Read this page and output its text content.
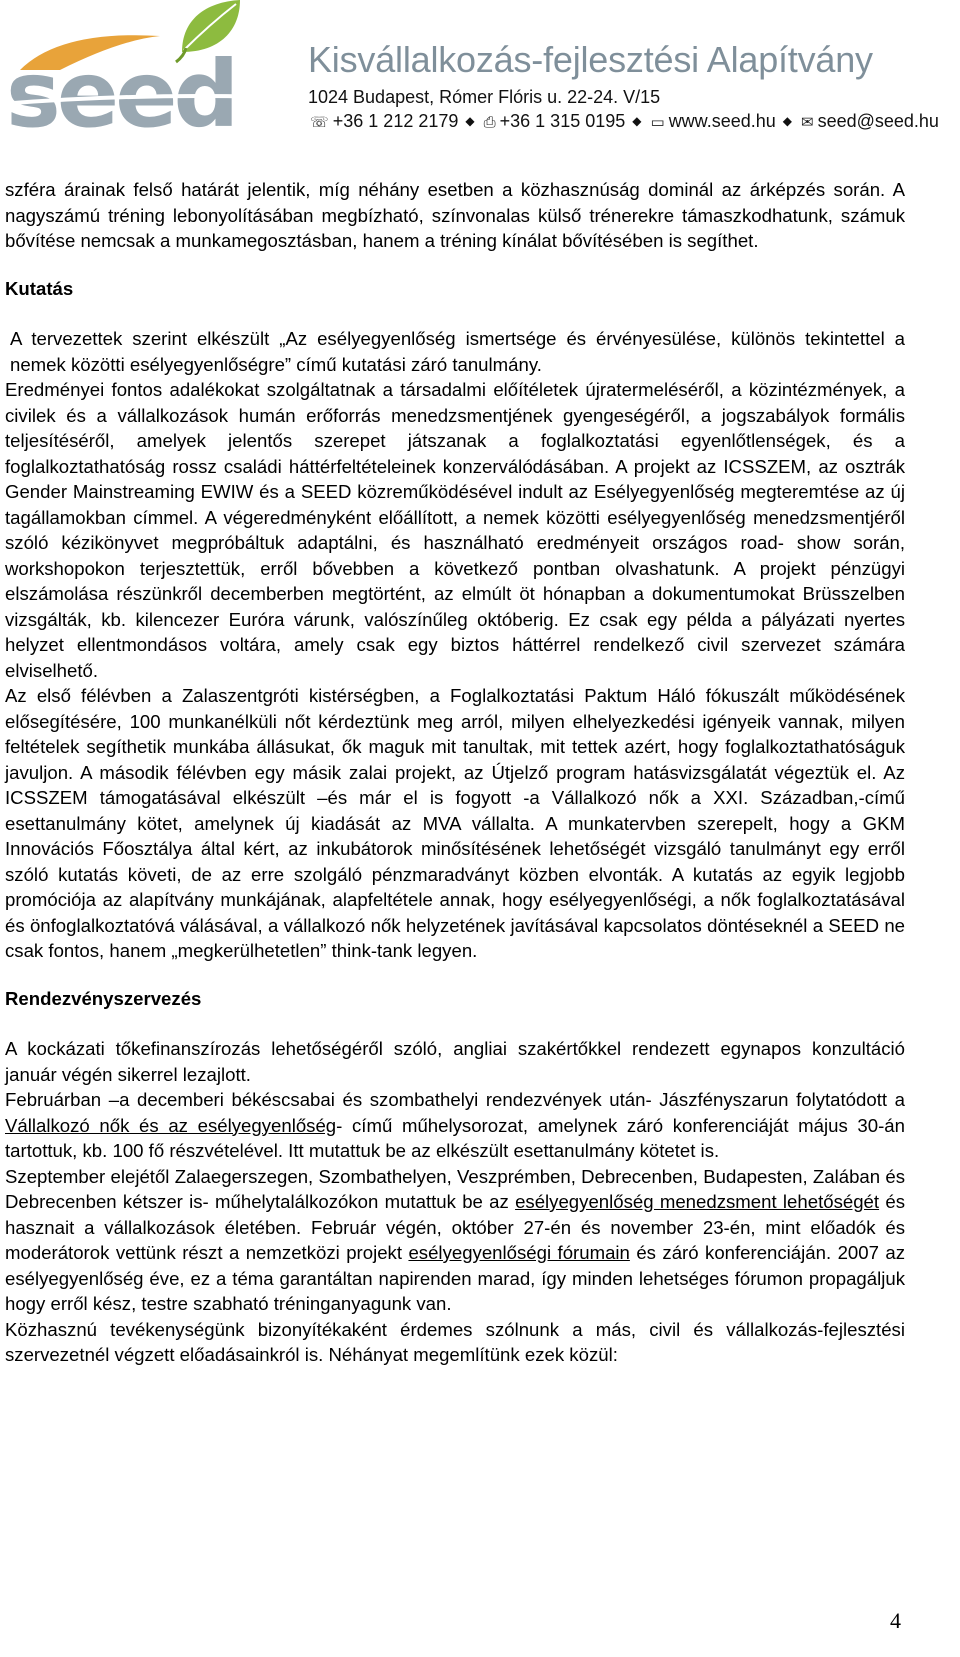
seed Kisvállalkozás-fejlesztési Alapítvány
1024 Budapest, Rómer Flóris u. 22-24. V/15
☏ +36 1 212 2179 ◆ ⎙ +36 1 315 0195 ◆ ▭ www.seed.hu ◆ ✉ seed@seed.hu

szféra árainak felső határát jelentik, míg néhány esetben a közhasznúság dominál az árképzés során. A nagyszámú tréning lebonyolításában megbízható, színvonalas külső trénerekre támaszkodhatunk, számuk bővítése nemcsak a munkamegosztásban, hanem a tréning kínálat bővítésében is segíthet.

Kutatás

A tervezettek szerint elkészült „Az esélyegyenlőség ismertsége és érvényesülése, különös tekintettel a nemek közötti esélyegyenlőségre” című kutatási záró tanulmány.

Eredményei fontos adalékokat szolgáltatnak a társadalmi előítéletek újratermeléséről, a közintézmények, a civilek és a vállalkozások humán erőforrás menedzsmentjének gyengeségéről, a jogszabályok formális teljesítéséről, amelyek jelentős szerepet játszanak a foglalkoztatási egyenlőtlenségek, és a foglalkoztathatóság rossz családi háttérfeltételeinek konzerválódásában. A projekt az ICSSZEM, az osztrák Gender Mainstreaming EWIW és a SEED közreműködésével indult az Esélyegyenlőség megteremtése az új tagállamokban címmel. A végeredményként előállított, a nemek közötti esélyegyenlőség menedzsmentjéről szóló kézikönyvet megpróbáltuk adaptálni, és használható eredményeit országos road- show során, workshopokon terjesztettük, erről bővebben a következő pontban olvashatunk. A projekt pénzügyi elszámolása részünkről decemberben megtörtént, az elmúlt öt hónapban a dokumentumokat Brüsszelben vizsgálták, kb. kilencezer Euróra várunk, valószínűleg októberig. Ez csak egy példa a pályázati nyertes helyzet ellentmondásos voltára, amely csak egy biztos háttérrel rendelkező civil szervezet számára elviselhető.

Az első félévben a Zalaszentgróti kistérségben, a Foglalkoztatási Paktum Háló fókuszált működésének elősegítésére, 100 munkanélküli nőt kérdeztünk meg arról, milyen elhelyezkedési igényeik vannak, milyen feltételek segíthetik munkába állásukat, ők maguk mit tanultak, mit tettek azért, hogy foglalkoztathatóságuk javuljon. A második félévben egy másik zalai projekt, az Útjelző program hatásvizsgálatát végeztük el. Az ICSSZEM támogatásával elkészült –és már el is fogyott -a Vállalkozó nők a XXI. Században,-című esettanulmány kötet, amelynek új kiadását az MVA vállalta. A munkatervben szerepelt, hogy a GKM Innovációs Főosztálya által kért, az inkubátorok minősítésének lehetőségét vizsgáló tanulmányt egy erről szóló kutatás követi, de az erre szolgáló pénzmaradványt közben elvonták. A kutatás az egyik legjobb promóciója az alapítvány munkájának, alapfeltétele annak, hogy esélyegyenlőségi, a nők foglalkoztatásával és önfoglalkoztatóvá válásával, a vállalkozó nők helyzetének javításával kapcsolatos döntéseknél a SEED ne csak fontos, hanem „megkerülhetetlen” think-tank legyen.

Rendezvényszervezés

A kockázati tőkefinanszírozás lehetőségéről szóló, angliai szakértőkkel rendezett egynapos konzultáció január végén sikerrel lezajlott.

Februárban –a decemberi békéscsabai és szombathelyi rendezvények után- Jászfényszarun folytatódott a Vállalkozó nők és az esélyegyenlőség- című műhelysorozat, amelynek záró konferenciáját május 30-án tartottuk, kb. 100 fő részvételével. Itt mutattuk be az elkészült esettanulmány kötetet is.

Szeptember elejétől Zalaegerszegen, Szombathelyen, Veszprémben, Debrecenben, Budapesten, Zalában és Debrecenben kétszer is- műhelytalálkozókon mutattuk be az esélyegyenlőség menedzsment lehetőségét és hasznait a vállalkozások életében. Február végén, október 27-én és november 23-én, mint előadók és moderátorok vettünk részt a nemzetközi projekt esélyegyenlőségi fórumain és záró konferenciáján. 2007 az esélyegyenlőség éve, ez a téma garantáltan napirenden marad, így minden lehetséges fórumon propagáljuk hogy erről kész, testre szabható tréninganyagunk van.

Közhasznú tevékenységünk bizonyítékaként érdemes szólnunk a más, civil és vállalkozás-fejlesztési szervezetnél végzett előadásainkról is. Néhányat megemlítünk ezek közül:

4
